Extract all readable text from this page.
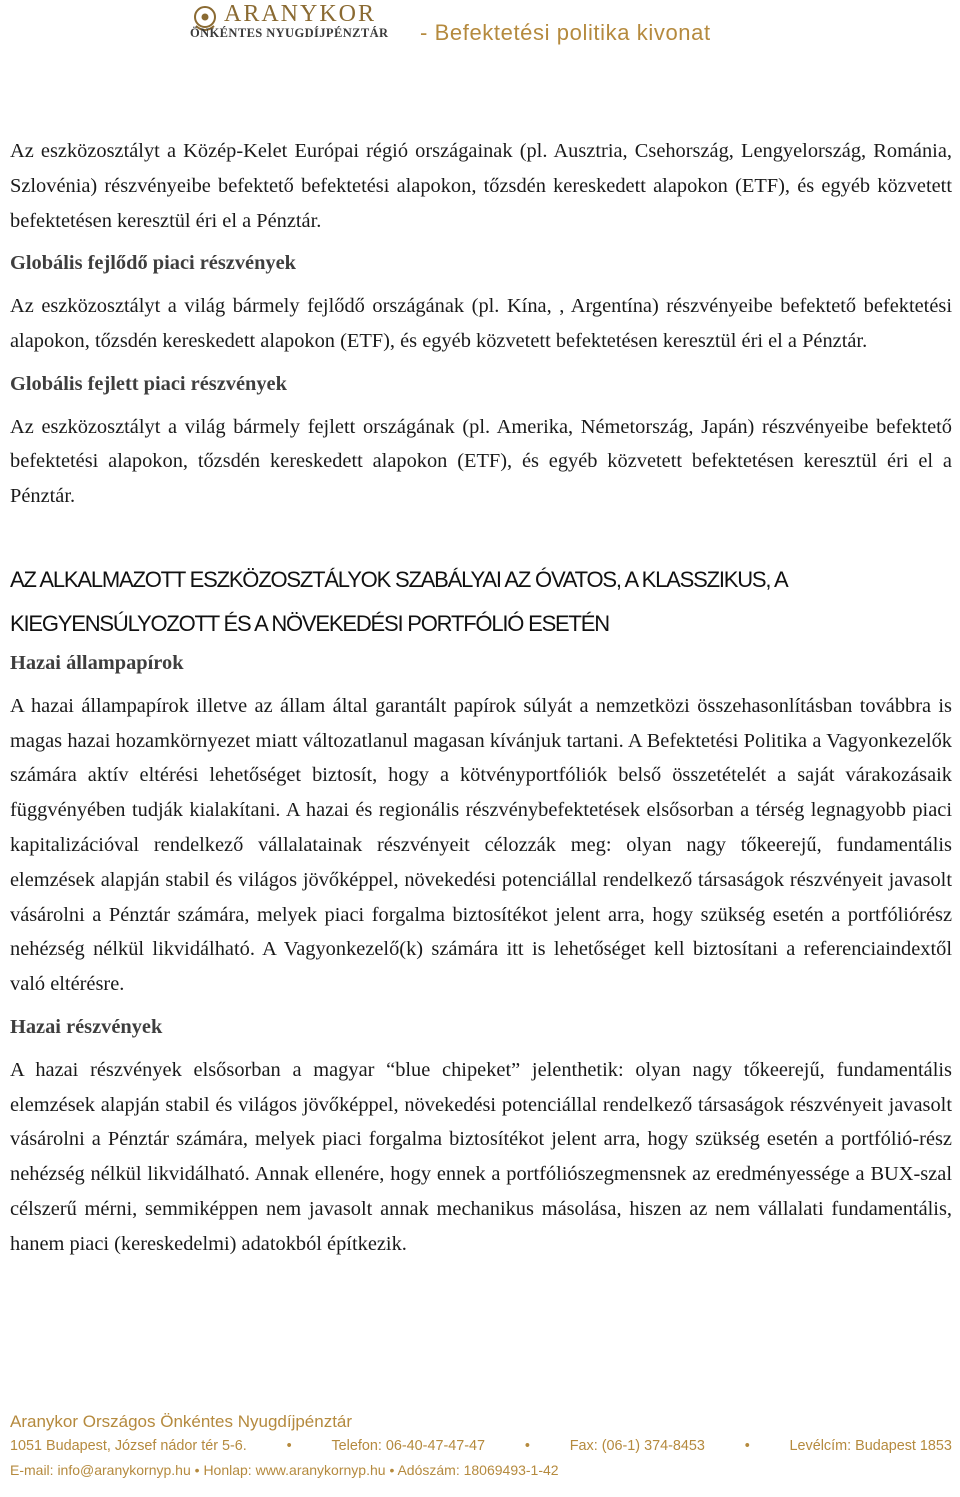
ARANYKOR
ÖNKÉNTES NYUGDÍJPÉNZTÁR - Befektetési politika kivonat

Az eszközosztályt a Közép-Kelet Európai régió országainak (pl. Ausztria, Csehország, Lengyelország, Románia, Szlovénia) részvényeibe befektető befektetési alapokon, tőzsdén kereskedett alapokon (ETF), és egyéb közvetett befektetésen keresztül éri el a Pénztár.

Globális fejlődő piaci részvények

Az eszközosztályt a világ bármely fejlődő országának (pl. Kína, , Argentína) részvényeibe befektető befektetési alapokon, tőzsdén kereskedett alapokon (ETF), és egyéb közvetett befektetésen keresztül éri el a Pénztár.

Globális fejlett piaci részvények

Az eszközosztályt a világ bármely fejlett országának (pl. Amerika, Németország, Japán) részvényeibe befektető befektetési alapokon, tőzsdén kereskedett alapokon (ETF), és egyéb közvetett befektetésen keresztül éri el a Pénztár.

AZ ALKALMAZOTT ESZKÖZOSZTÁLYOK SZABÁLYAI AZ ÓVATOS, A KLASSZIKUS, A
KIEGYENSÚLYOZOTT ÉS A NÖVEKEDÉSI PORTFÓLIÓ ESETÉN
Hazai állampapírok

A hazai állampapírok illetve az állam által garantált papírok súlyát a nemzetközi összehasonlításban továbbra is magas hazai hozamkörnyezet miatt változatlanul magasan kívánjuk tartani. A Befektetési Politika a Vagyonkezelők számára aktív eltérési lehetőséget biztosít, hogy a kötvényportfóliók belső összetételét a saját várakozásaik függvényében tudják kialakítani. A hazai és regionális részvénybefektetések elsősorban a térség legnagyobb piaci kapitalizációval rendelkező vállalatainak részvényeit célozzák meg: olyan nagy tőkeerejű, fundamentális elemzések alapján stabil és világos jövőképpel, növekedési potenciállal rendelkező társaságok részvényeit javasolt vásárolni a Pénztár számára, melyek piaci forgalma biztosítékot jelent arra, hogy szükség esetén a portfóliórész nehézség nélkül likvidálható. A Vagyonkezelő(k) számára itt is lehetőséget kell biztosítani a referenciaindextől való eltérésre.

Hazai részvények

A hazai részvények elsősorban a magyar “blue chipeket” jelenthetik: olyan nagy tőkeerejű, fundamentális elemzések alapján stabil és világos jövőképpel, növekedési potenciállal rendelkező társaságok részvényeit javasolt vásárolni a Pénztár számára, melyek piaci forgalma biztosítékot jelent arra, hogy szükség esetén a portfólió-rész nehézség nélkül likvidálható. Annak ellenére, hogy ennek a portfóliószegmensnek az eredményessége a BUX-szal célszerű mérni, semmiképpen nem javasolt annak mechanikus másolása, hiszen az nem vállalati fundamentális, hanem piaci (kereskedelmi) adatokból építkezik.

Aranykor Országos Önkéntes Nyugdíjpénztár
1051 Budapest, József nádor tér 5-6.	•	Telefon: 06-40-47-47-47	•	Fax: (06-1) 374-8453	•	Levélcím: Budapest 1853
E-mail: info@aranykornyp.hu • Honlap: www.aranykornyp.hu • Adószám: 18069493-1-42
